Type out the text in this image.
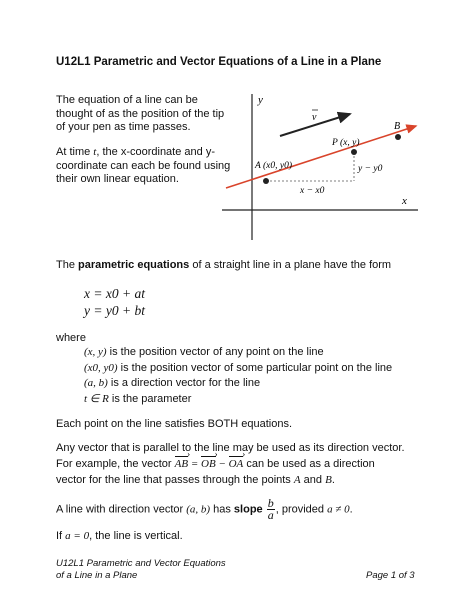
U12L1 Parametric and Vector Equations of a Line in a Plane
The equation of a line can be thought of as the position of the tip of your pen as time passes.
At time t, the x-coordinate and y-coordinate can each be found using their own linear equation.
y
x
v
A (x0, y0)
P (x, y)
B
x − x0
y − y0
The parametric equations of a straight line in a plane have the form
x = x0 + at
y = y0 + bt
where
(x, y) is the position vector of any point on the line
(x0, y0) is the position vector of some particular point on the line
(a, b) is a direction vector for the line
t ∈ R is the parameter
Each point on the line satisfies BOTH equations.
Any vector that is parallel to the line may be used as its direction vector.
For example, the vector AB › = OB › − OA › can be used as a direction
vector for the line that passes through the points A and B.
A line with direction vector (a, b) has slope $\frac{b}{a}$ , provided a ≠ 0.
If a = 0, the line is vertical.
U12L1 Parametric and Vector Equations
of a Line in a Plane	Page 1 of 3
